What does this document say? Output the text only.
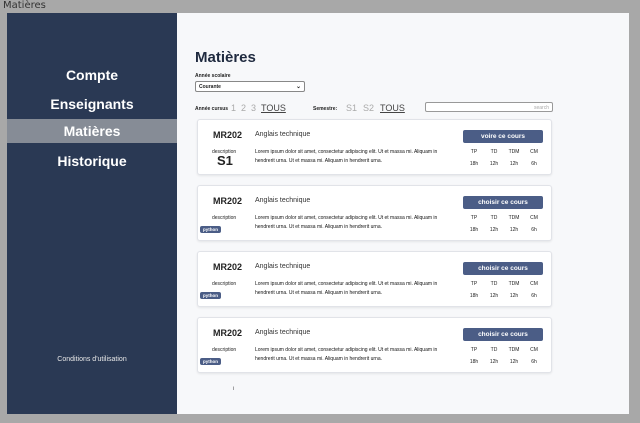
Matières
Compte
Enseignants
Matières
Historique
Conditions d'utilisation
Matières
Année scolaire
Courante	⌄
Année cursus 1 2 3 TOUS	Semestre: S1 S2 TOUS	search
MR202 Anglais technique
description
S1
Lorem ipsum dolor sit amet, consectetur adipiscing elit. Ut et massa mi. Aliquam in hendrerit urna. Ut et massa mi. Aliquam in hendrerit urna.
voire ce cours
TP	TD	TDM	CM
18h	12h	12h	6h
MR202 Anglais technique
description
python
Lorem ipsum dolor sit amet, consectetur adipiscing elit. Ut et massa mi. Aliquam in hendrerit urna. Ut et massa mi. Aliquam in hendrerit urna.
choisir ce cours
TP	TD	TDM	CM
18h	12h	12h	6h
MR202 Anglais technique
description
python
Lorem ipsum dolor sit amet, consectetur adipiscing elit. Ut et massa mi. Aliquam in hendrerit urna. Ut et massa mi. Aliquam in hendrerit urna.
choisir ce cours
TP	TD	TDM	CM
18h	12h	12h	6h
MR202 Anglais technique
description
python
Lorem ipsum dolor sit amet, consectetur adipiscing elit. Ut et massa mi. Aliquam in hendrerit urna. Ut et massa mi. Aliquam in hendrerit urna.
choisir ce cours
TP	TD	TDM	CM
18h	12h	12h	6h
i
